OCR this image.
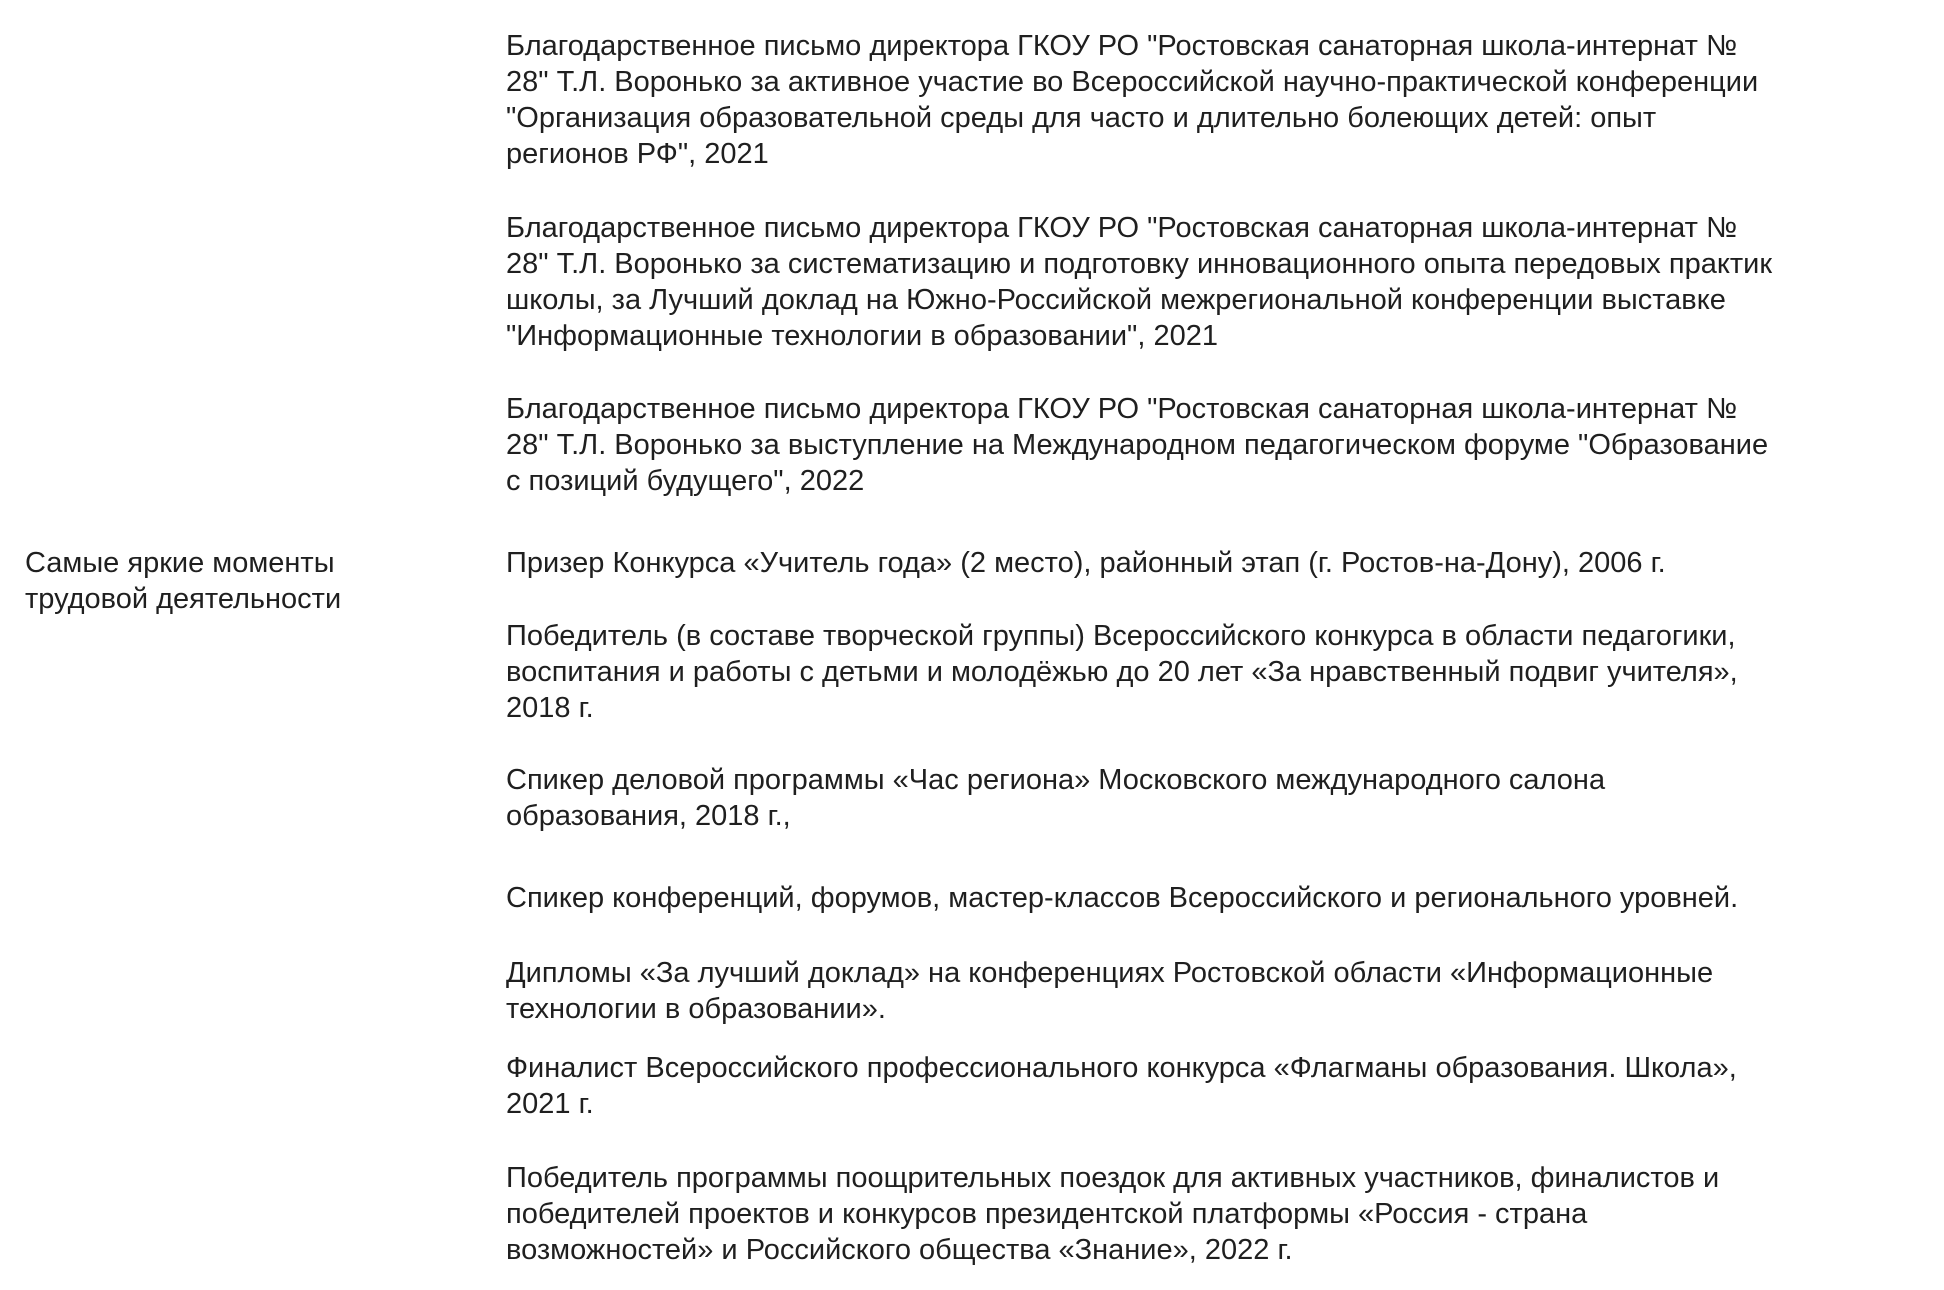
Благодарственное письмо директора ГКОУ РО "Ростовская санаторная школа-интернат №
28" Т.Л. Воронько за активное участие во Всероссийской научно-практической конференции
"Организация образовательной среды для часто и длительно болеющих детей: опыт
регионов РФ", 2021

Благодарственное письмо директора ГКОУ РО "Ростовская санаторная школа-интернат №
28" Т.Л. Воронько за систематизацию и подготовку инновационного опыта передовых практик
школы, за Лучший доклад на Южно-Российской межрегиональной конференции выставке
"Информационные технологии в образовании", 2021

Благодарственное письмо директора ГКОУ РО "Ростовская санаторная школа-интернат №
28" Т.Л. Воронько за выступление на Международном педагогическом форуме "Образование
с позиций будущего", 2022

Самые яркие моменты
трудовой деятельности

Призер Конкурса «Учитель года» (2 место), районный этап (г. Ростов-на-Дону), 2006 г.

Победитель (в составе творческой группы) Всероссийского конкурса в области педагогики,
воспитания и работы с детьми и молодёжью до 20 лет «За нравственный подвиг учителя»,
2018 г.

Спикер деловой программы «Час региона» Московского международного салона
образования, 2018 г.,

Спикер конференций, форумов, мастер-классов Всероссийского и регионального уровней.

Дипломы «За лучший доклад» на конференциях Ростовской области «Информационные
технологии в образовании».

Финалист Всероссийского профессионального конкурса «Флагманы образования. Школа»,
2021 г.

Победитель программы поощрительных поездок для активных участников, финалистов и
победителей проектов и конкурсов президентской платформы «Россия - страна
возможностей» и Российского общества «Знание», 2022 г.
